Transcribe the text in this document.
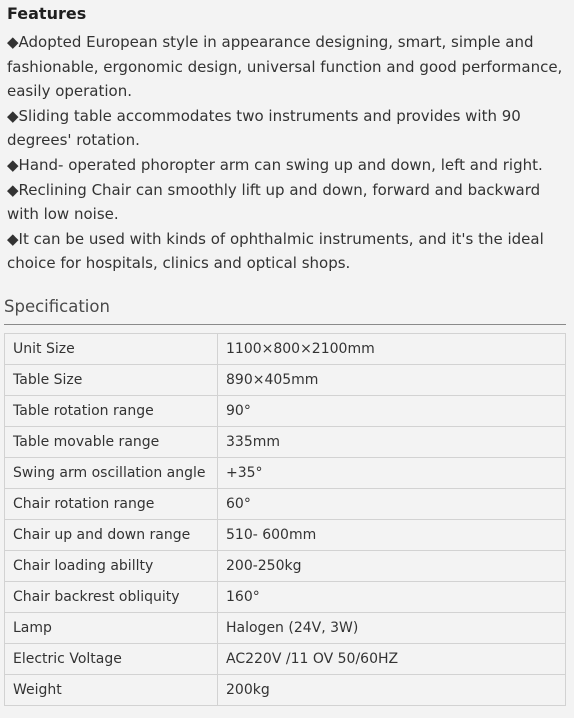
Features
◆Adopted European style in appearance designing, smart, simple and fashionable, ergonomic design, universal function and good performance, easily operation.
◆Sliding table accommodates two instruments and provides with 90 degrees' rotation.
◆Hand- operated phoropter arm can swing up and down, left and right.
◆Reclining Chair can smoothly lift up and down, forward and backward with low noise.
◆It can be used with kinds of ophthalmic instruments, and it's the ideal choice for hospitals, clinics and optical shops.
Specification
Unit Size	1100×800×2100mm
Table Size	890×405mm
Table rotation range	90°
Table movable range	335mm
Swing arm oscillation angle	+35°
Chair rotation range	60°
Chair up and down range	510- 600mm
Chair loading abillty	200-250kg
Chair backrest obliquity	160°
Lamp	Halogen (24V, 3W)
Electric Voltage	AC220V /11 OV 50/60HZ
Weight	200kg
